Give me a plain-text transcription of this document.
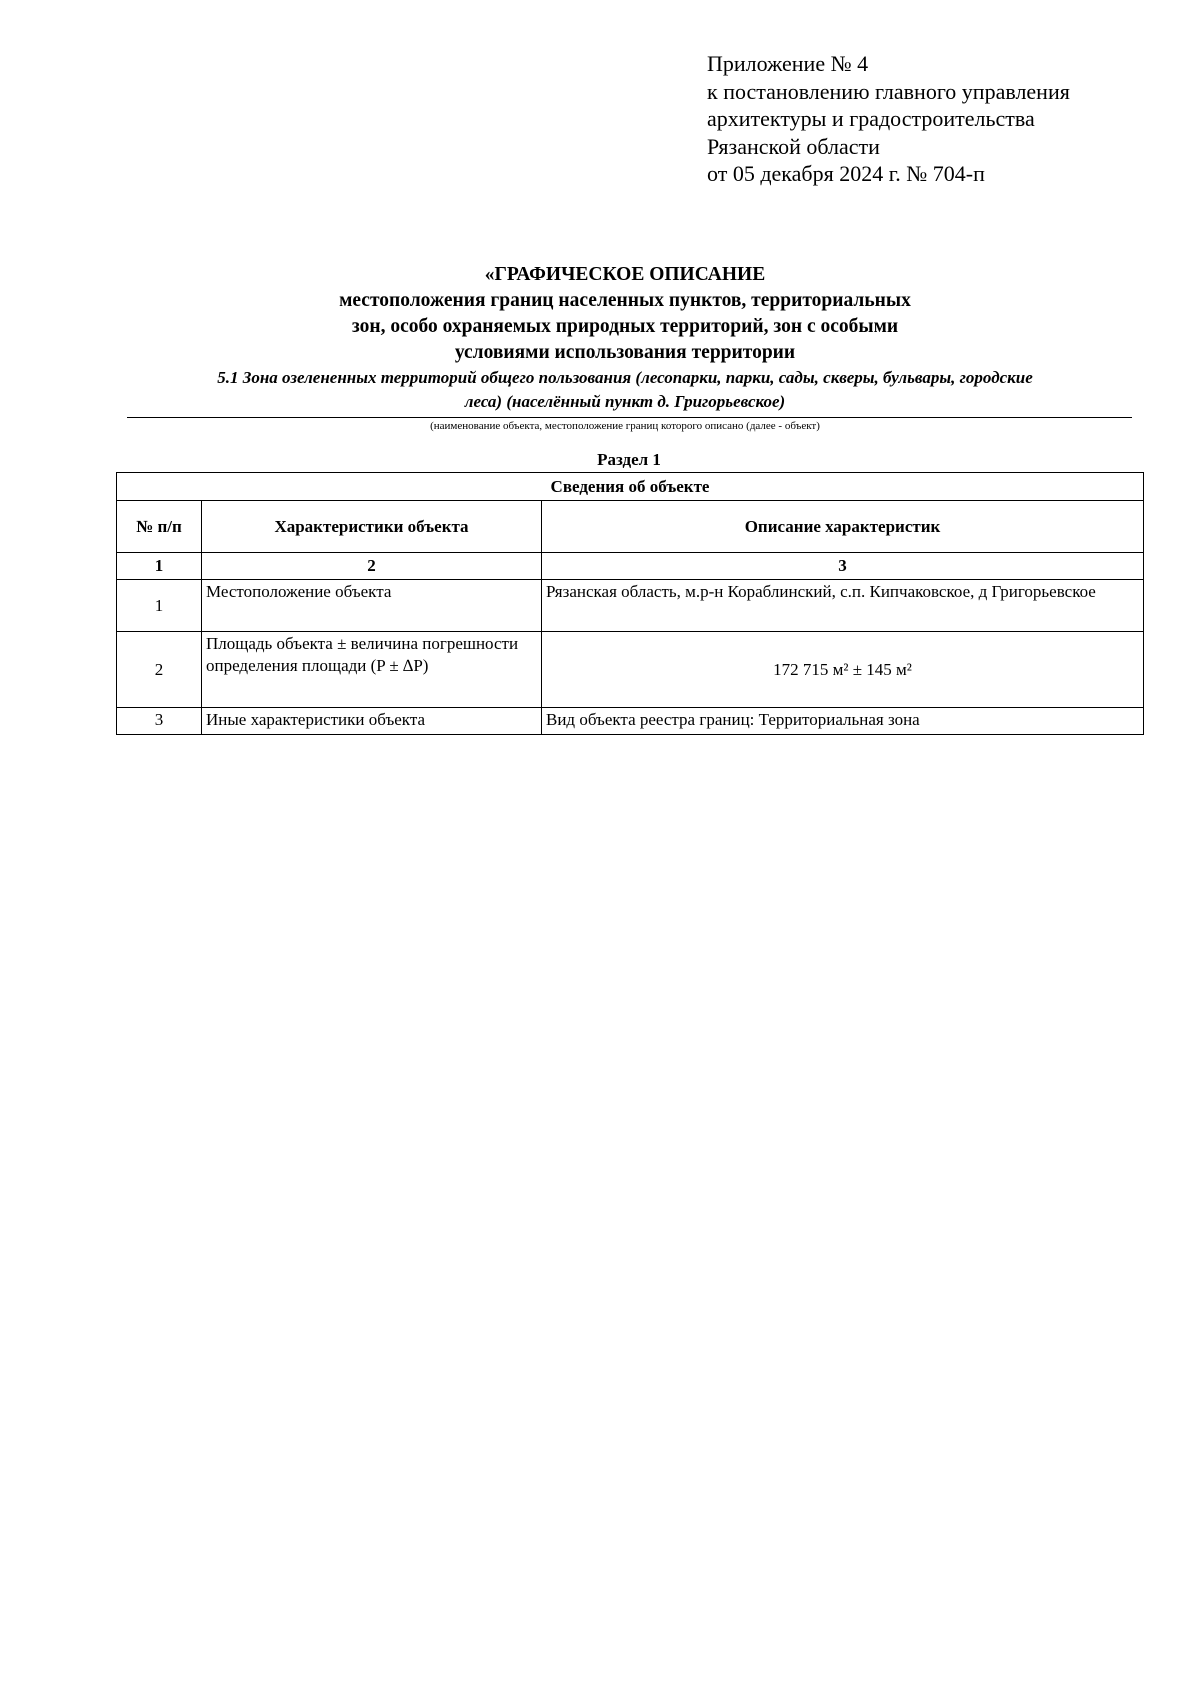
Приложение № 4
к постановлению главного управления
архитектуры и градостроительства
Рязанской области
от 05 декабря 2024 г. № 704-п
«ГРАФИЧЕСКОЕ ОПИСАНИЕ
местоположения границ населенных пунктов, территориальных
зон, особо охраняемых природных территорий, зон с особыми
условиями использования территории
5.1 Зона озелененных территорий общего пользования (лесопарки, парки, сады, скверы, бульвары, городские
леса) (населённый пункт д. Григорьевское)
(наименование объекта, местоположение границ которого описано (далее - объект)
Раздел 1
Сведения об объекте		
№ п/п	Характеристики объекта	Описание характеристик
1	2	3
1	Местоположение объекта	Рязанская область, м.р-н Кораблинский, с.п. Кипчаковское, д Григорьевское
2	Площадь объекта ± величина погрешности определения площади (P ± ∆P)	172 715 м² ± 145 м²
3	Иные характеристики объекта	Вид объекта реестра границ: Территориальная зона
